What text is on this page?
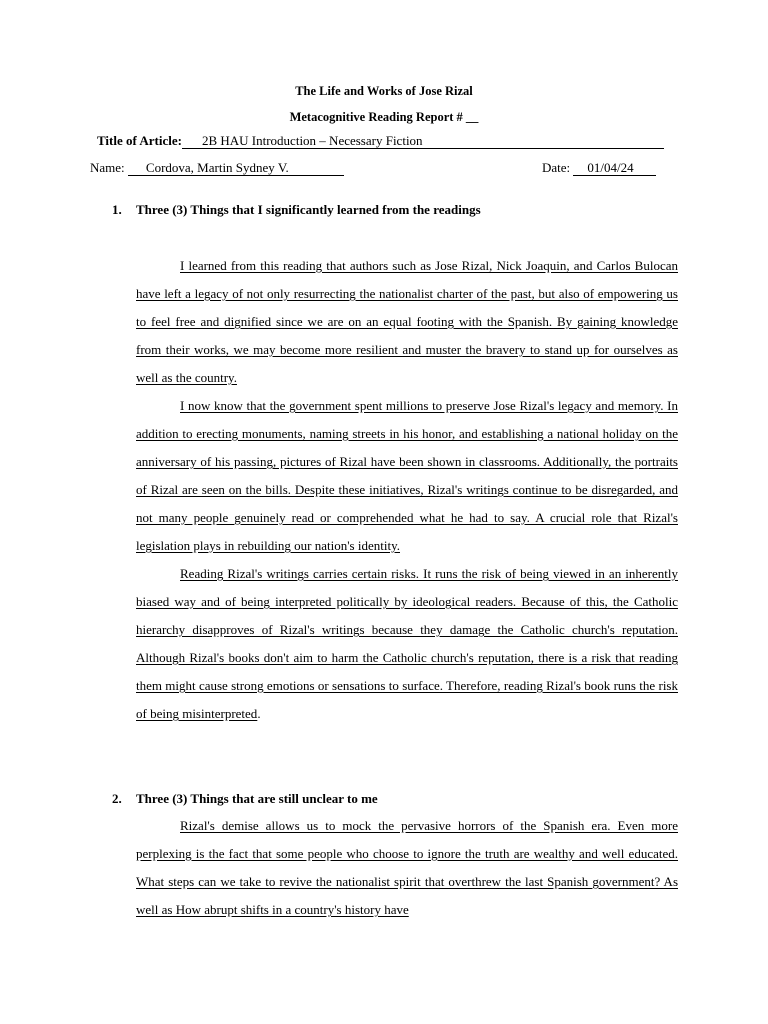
The Life and Works of Jose Rizal
Metacognitive Reading Report # __
Title of Article: 2B HAU Introduction – Necessary Fiction
Name: Cordova, Martin Sydney V.	Date: 01/04/24
1. Three (3) Things that I significantly learned from the readings

I learned from this reading that authors such as Jose Rizal, Nick Joaquin, and Carlos Bulocan have left a legacy of not only resurrecting the nationalist charter of the past, but also of empowering us to feel free and dignified since we are on an equal footing with the Spanish. By gaining knowledge from their works, we may become more resilient and muster the bravery to stand up for ourselves as well as the country.

I now know that the government spent millions to preserve Jose Rizal's legacy and memory. In addition to erecting monuments, naming streets in his honor, and establishing a national holiday on the anniversary of his passing, pictures of Rizal have been shown in classrooms. Additionally, the portraits of Rizal are seen on the bills. Despite these initiatives, Rizal's writings continue to be disregarded, and not many people genuinely read or comprehended what he had to say. A crucial role that Rizal's legislation plays in rebuilding our nation's identity.

Reading Rizal's writings carries certain risks. It runs the risk of being viewed in an inherently biased way and of being interpreted politically by ideological readers. Because of this, the Catholic hierarchy disapproves of Rizal's writings because they damage the Catholic church's reputation. Although Rizal's books don't aim to harm the Catholic church's reputation, there is a risk that reading them might cause strong emotions or sensations to surface. Therefore, reading Rizal's book runs the risk of being misinterpreted.

2. Three (3) Things that are still unclear to me

Rizal's demise allows us to mock the pervasive horrors of the Spanish era. Even more perplexing is the fact that some people who choose to ignore the truth are wealthy and well educated. What steps can we take to revive the nationalist spirit that overthrew the last Spanish government? As well as How abrupt shifts in a country's history have
